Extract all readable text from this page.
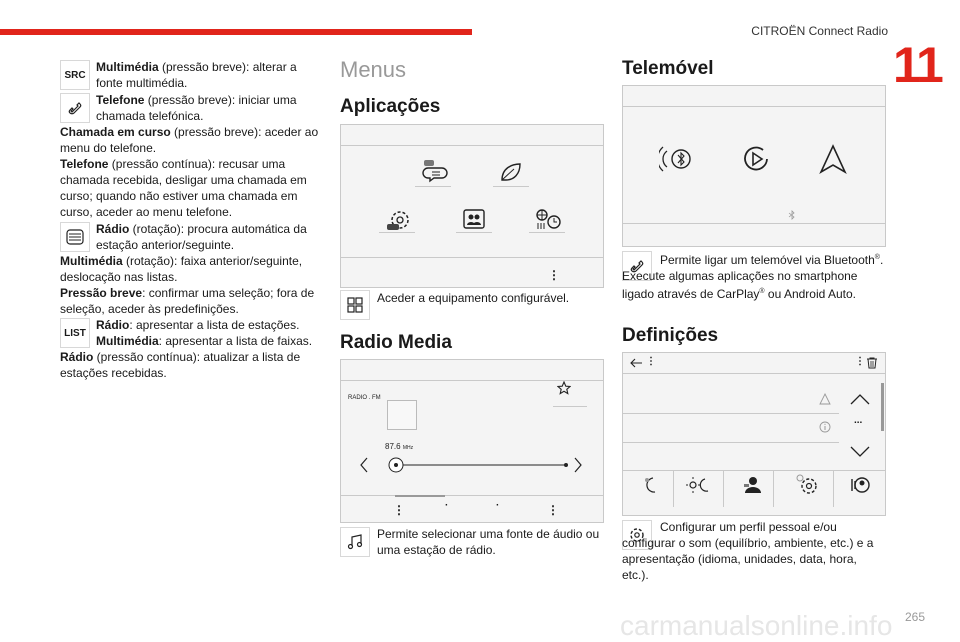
CITROËN Connect Radio
11
carmanualsonline.info 265
SRC
Multimédia (pressão breve): alterar a fonte multimédia.
Telefone (pressão breve): iniciar uma chamada telefónica.
Chamada em curso (pressão breve): aceder ao menu do telefone.
Telefone (pressão contínua): recusar uma chamada recebida, desligar uma chamada em curso; quando não estiver uma chamada em curso, aceder ao menu telefone.
Rádio (rotação): procura automática da estação anterior/seguinte.
Multimédia (rotação): faixa anterior/seguinte, deslocação nas listas.
Pressão breve: confirmar uma seleção; fora de seleção, aceder às predefinições.
LIST
Rádio: apresentar a lista de estações.
Multimédia: apresentar a lista de faixas.
Rádio (pressão contínua): atualizar a lista de estações recebidas.
Menus
Aplicações
⋮
Aceder a equipamento configurável.
Radio Media
RADIO . FM
87.6 MHz
⋮	·	·	⋮
Permite selecionar uma fonte de áudio ou uma estação de rádio.
Telemóvel
Permite ligar um telemóvel via Bluetooth®. Execute algumas aplicações no smartphone ligado através de CarPlay® ou Android Auto.
Definições
⋮	⋮
...
Configurar um perfil pessoal e/ou configurar o som (equilíbrio, ambiente, etc.) e a apresentação (idioma, unidades, data, hora, etc.).
